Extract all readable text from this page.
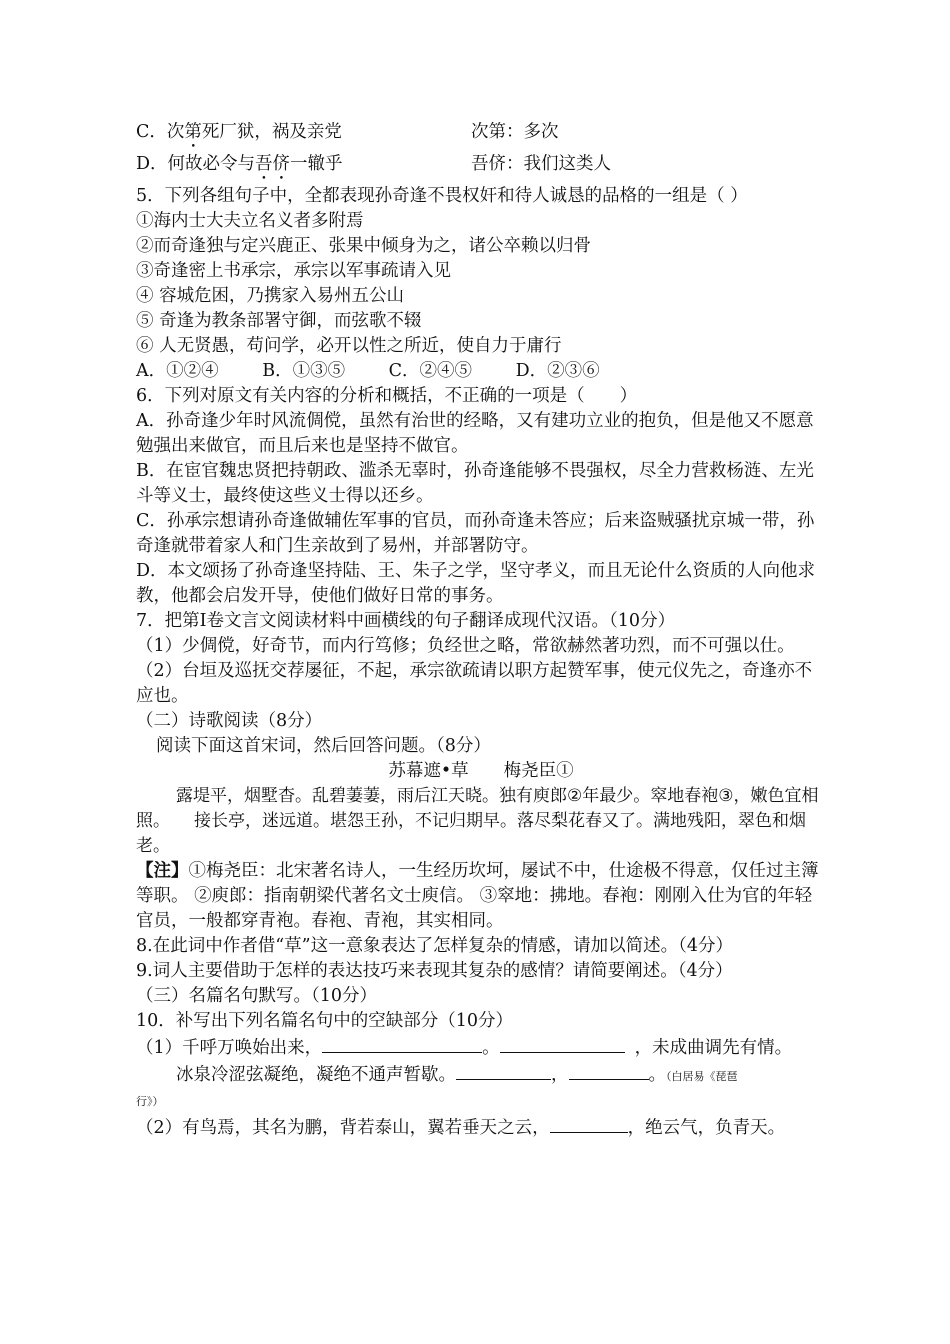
C．次第死厂狱，祸及亲党	次第：多次
D．何故必令与吾侪一辙乎	吾侪：我们这类人
5．下列各组句子中，全都表现孙奇逢不畏权奸和待人诚恳的品格的一组是（ ）
①海内士大夫立名义者多附焉
②而奇逢独与定兴鹿正、张果中倾身为之，诸公卒赖以归骨
③奇逢密上书承宗，承宗以军事疏请入见
④ 容城危困，乃携家入易州五公山
⑤ 奇逢为教条部署守御，而弦歌不辍
⑥ 人无贤愚，苟问学，必开以性之所近，使自力于庸行
A．①②④ B．①③⑤ C．②④⑤ D．②③⑥
6．下列对原文有关内容的分析和概括，不正确的一项是（　　）
A．孙奇逢少年时风流倜傥，虽然有治世的经略，又有建功立业的抱负，但是他又不愿意勉强出来做官，而且后来也是坚持不做官。
B．在宦官魏忠贤把持朝政、滥杀无辜时，孙奇逢能够不畏强权，尽全力营救杨涟、左光斗等义士，最终使这些义士得以还乡。
C．孙承宗想请孙奇逢做辅佐军事的官员，而孙奇逢未答应；后来盗贼骚扰京城一带，孙奇逢就带着家人和门生亲故到了易州，并部署防守。
D．本文颂扬了孙奇逢坚持陆、王、朱子之学，坚守孝义，而且无论什么资质的人向他求教，他都会启发开导，使他们做好日常的事务。
7．把第Ⅰ卷文言文阅读材料中画横线的句子翻译成现代汉语。（10分）
（1）少倜傥，好奇节，而内行笃修；负经世之略，常欲赫然著功烈，而不可强以仕。
（2）台垣及巡抚交荐屡征，不起，承宗欲疏请以职方起赞军事，使元仪先之，奇逢亦不应也。
（二）诗歌阅读（8分）
阅读下面这首宋词，然后回答问题。（8分）
苏幕遮•草　　梅尧臣①
露堤平，烟墅杳。乱碧萋萋，雨后江天晓。独有庾郎②年最少。窣地春袍③，嫩色宜相照。 接长亭，迷远道。堪怨王孙，不记归期早。落尽梨花春又了。满地残阳，翠色和烟老。
【注】①梅尧臣：北宋著名诗人，一生经历坎坷，屡试不中，仕途极不得意，仅任过主簿等职。 ②庾郎：指南朝梁代著名文士庾信。 ③窣地：拂地。春袍：刚刚入仕为官的年轻官员，一般都穿青袍。春袍、青袍，其实相同。
8.在此词中作者借“草”这一意象表达了怎样复杂的情感，请加以简述。（4分）
9.词人主要借助于怎样的表达技巧来表现其复杂的感情？请简要阐述。（4分）
（三）名篇名句默写。（10分）
10．补写出下列名篇名句中的空缺部分（10分）
（1）千呼万唤始出来，	。	，未成曲调先有情。
冰泉冷涩弦凝绝，凝绝不通声暂歇。	，	。（白居易《琵琶
行》）
（2）有鸟焉，其名为鹏，背若泰山，翼若垂天之云，	，绝云气，负青天。
